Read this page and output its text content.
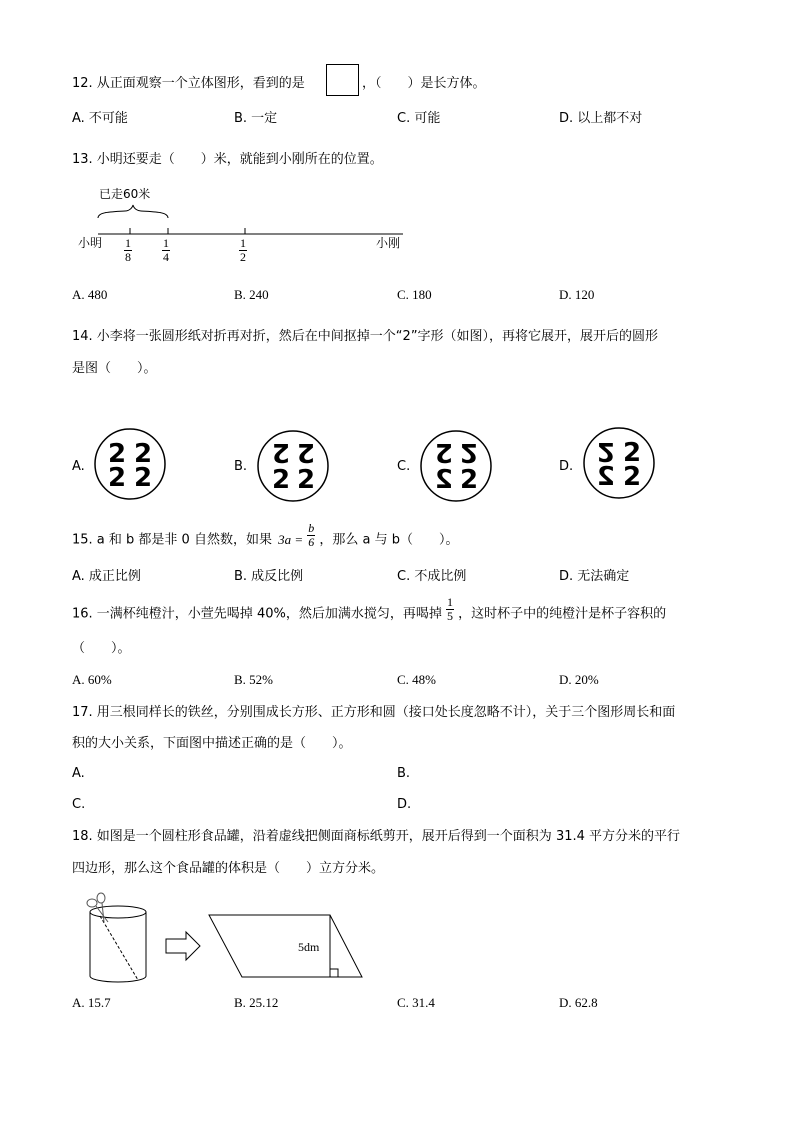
12. 从正面观察一个立体图形，看到的是	，（　　）是长方体。
A. 不可能	B. 一定	C. 可能	D. 以上都不对
13. 小明还要走（　　）米，就能到小刚所在的位置。
已走60米
小明	小刚
$\frac{1}{8}$	$\frac{1}{4}$	$\frac{1}{2}$
A. 480	B. 240	C. 180	D. 120
14. 小李将一张圆形纸对折再对折，然后在中间抠掉一个“2”字形（如图），再将它展开，展开后的圆形
是图（　　）。
A.	B.	C.	D.
2 2
2 2
2 2
2 2
2 2
2 2
2 2
2 2
15. a 和 b 都是非 0 自然数，如果 $3a = \frac{b}{6}$ ，那么 a 与 b（　　）。
A. 成正比例	B. 成反比例	C. 不成比例	D. 无法确定
16. 一满杯纯橙汁，小萱先喝掉 40%，然后加满水搅匀，再喝掉 $\frac{1}{5}$ ，这时杯子中的纯橙汁是杯子容积的
（　　）。
A. 60%	B. 52%	C. 48%	D. 20%
17. 用三根同样长的铁丝，分别围成长方形、正方形和圆（接口处长度忽略不计），关于三个图形周长和面
积的大小关系，下面图中描述正确的是（　　）。
A.	B.
C.	D.
18. 如图是一个圆柱形食品罐，沿着虚线把侧面商标纸剪开，展开后得到一个面积为 31.4 平方分米的平行
四边形，那么这个食品罐的体积是（　　）立方分米。
5dm
A. 15.7	B. 25.12	C. 31.4	D. 62.8
